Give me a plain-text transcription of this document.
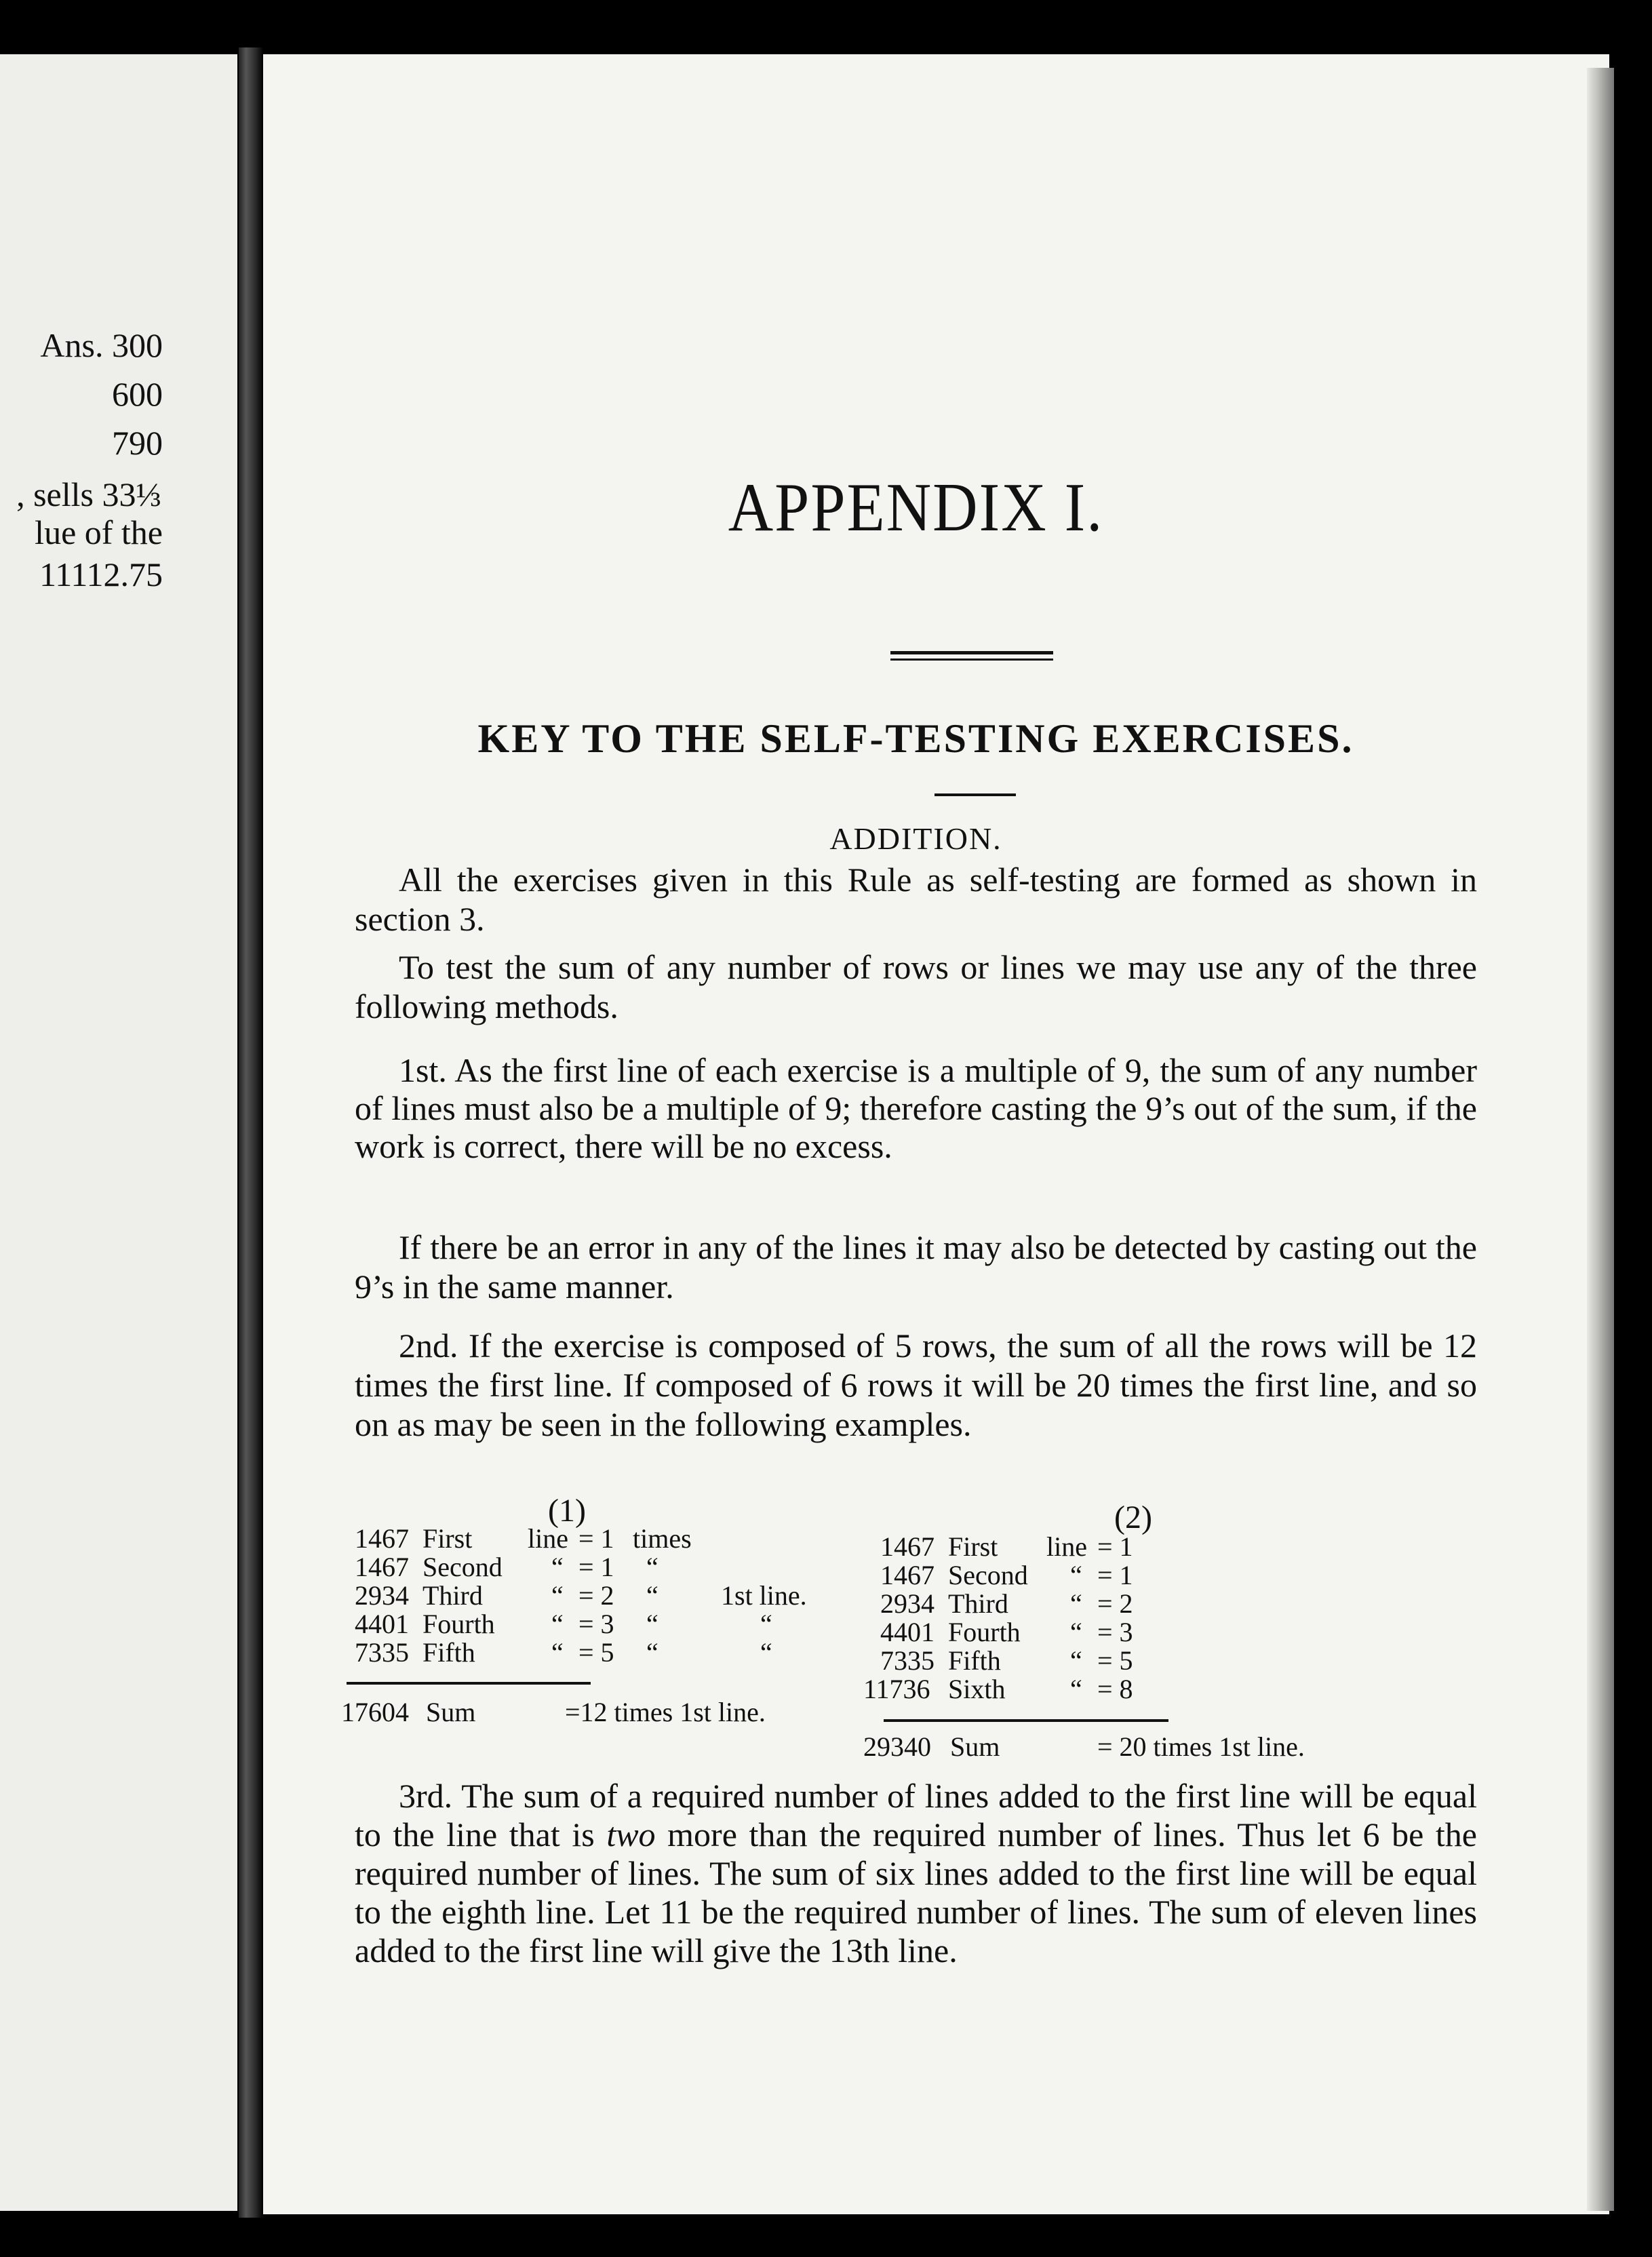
Ans. 300
600
790
, sells 33⅓
lue of the
11112.75
APPENDIX I.
KEY TO THE SELF-TESTING EXERCISES.
ADDITION.

All the exercises given in this Rule as self-testing are formed as shown in section 3.

To test the sum of any number of rows or lines we may use any of the three following methods.

1st. As the first line of each exercise is a multiple of 9, the sum of any number of lines must also be a multiple of 9; therefore casting the 9’s out of the sum, if the work is correct, there will be no excess.

If there be an error in any of the lines it may also be detected by casting out the 9’s in the same manner.

2nd. If the exercise is composed of 5 rows, the sum of all the rows will be 12 times the first line. If composed of 6 rows it will be 20 times the first line, and so on as may be seen in the following examples.

(1)
1467 First line = 1 times
1467 Second “ = 1 “
2934 Third	“ = 2 “ 1st line.
4401 Fourth “ = 3 “	“
7335 Fifth	“ = 5 “	“
17604 Sum	=12 times 1st line.
(2)
1467 First line = 1
1467 Second “ = 1
2934 Third “ = 2
4401 Fourth “ = 3
7335 Fifth	“ = 5
11736 Sixth “ = 8
29340 Sum	= 20 times 1st line.

3rd. The sum of a required number of lines added to the first line will be equal to the line that is two more than the required number of lines. Thus let 6 be the required number of lines. The sum of six lines added to the first line will be equal to the eighth line. Let 11 be the required number of lines. The sum of eleven lines added to the first line will give the 13th line.
